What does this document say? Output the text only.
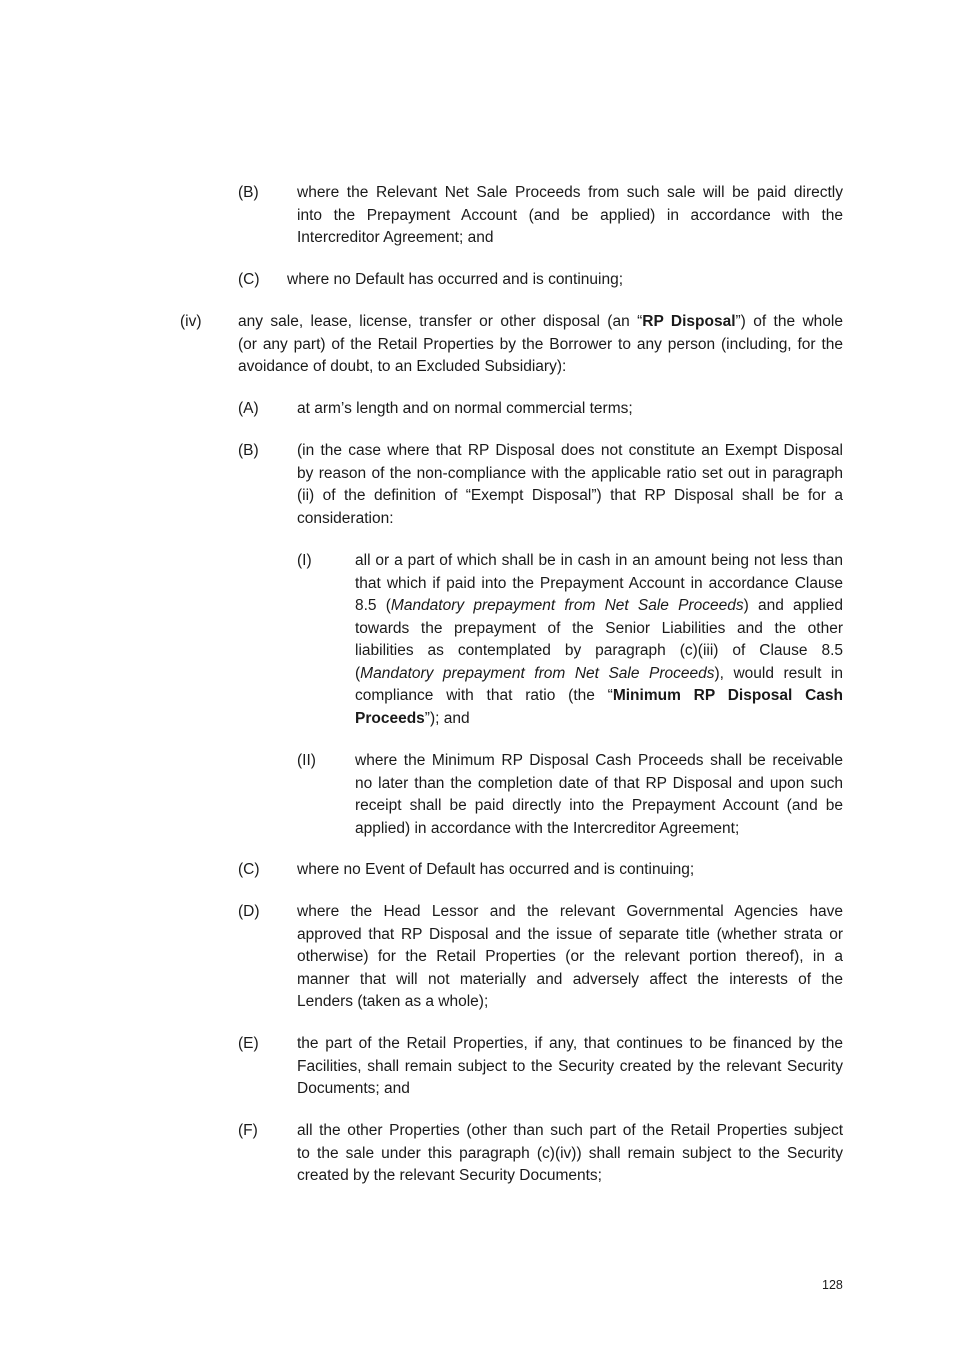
(B) where the Relevant Net Sale Proceeds from such sale will be paid directly
into the Prepayment Account (and be applied) in accordance with the
Intercreditor Agreement; and
(C) where no Default has occurred and is continuing;
(iv) any sale, lease, license, transfer or other disposal (an “RP Disposal”) of the whole
(or any part) of the Retail Properties by the Borrower to any person (including, for the
avoidance of doubt, to an Excluded Subsidiary):
(A) at arm’s length and on normal commercial terms;
(B) (in the case where that RP Disposal does not constitute an Exempt Disposal
by reason of the non-compliance with the applicable ratio set out in paragraph
(ii) of the definition of “Exempt Disposal”) that RP Disposal shall be for a
consideration:
(I)	all or a part of which shall be in cash in an amount being not less than
that which if paid into the Prepayment Account in accordance Clause
8.5 (Mandatory prepayment from Net Sale Proceeds) and applied
towards the prepayment of the Senior Liabilities and the other
liabilities as contemplated by paragraph (c)(iii) of Clause 8.5
(Mandatory prepayment from Net Sale Proceeds), would result in
compliance with that ratio (the “Minimum RP Disposal Cash
Proceeds”); and
(II)	where the Minimum RP Disposal Cash Proceeds shall be receivable
no later than the completion date of that RP Disposal and upon such
receipt shall be paid directly into the Prepayment Account (and be
applied) in accordance with the Intercreditor Agreement;
(C) where no Event of Default has occurred and is continuing;
(D) where the Head Lessor and the relevant Governmental Agencies have
approved that RP Disposal and the issue of separate title (whether strata or
otherwise) for the Retail Properties (or the relevant portion thereof), in a
manner that will not materially and adversely affect the interests of the
Lenders (taken as a whole);
(E) the part of the Retail Properties, if any, that continues to be financed by the
Facilities, shall remain subject to the Security created by the relevant Security
Documents; and
(F)	all the other Properties (other than such part of the Retail Properties subject
to the sale under this paragraph (c)(iv)) shall remain subject to the Security
created by the relevant Security Documents;
128
